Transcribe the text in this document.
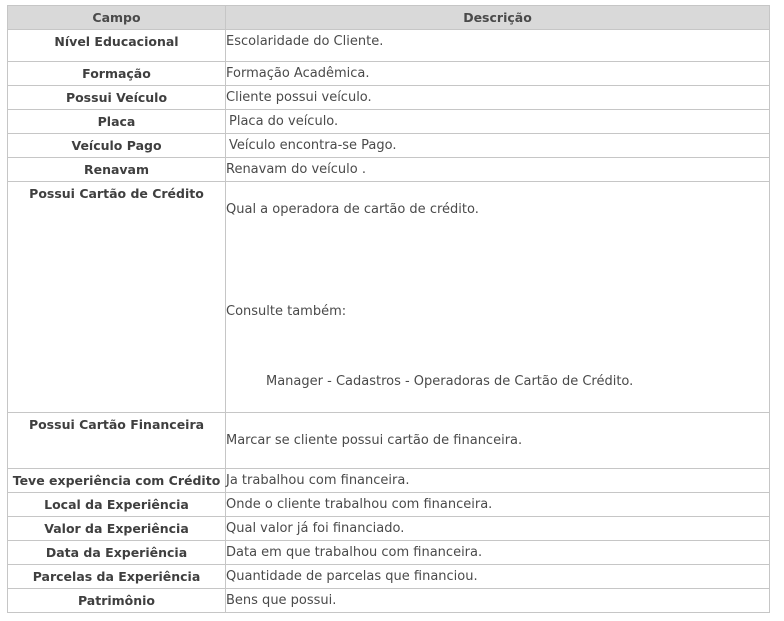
Campo	Descrição

Nível Educacional	Escolaridade do Cliente.

Formação	Formação Acadêmica.

Possui Veículo	Cliente possui veículo.

Placa	Placa do veículo.

Veículo Pago	Veículo encontra-se Pago.

Renavam	Renavam do veículo .

Possui Cartão de Crédito	Qual a operadora de cartão de crédito.
Consulte também:
Manager - Cadastros - Operadoras de Cartão de Crédito.

Possui Cartão Financeira	Marcar se cliente possui cartão de financeira.

Teve experiência com Crédito	Ja trabalhou com financeira.

Local da Experiência	Onde o cliente trabalhou com financeira.

Valor da Experiência	Qual valor já foi financiado.

Data da Experiência	Data em que trabalhou com financeira.

Parcelas da Experiência	Quantidade de parcelas que financiou.

Patrimônio	Bens que possui.
